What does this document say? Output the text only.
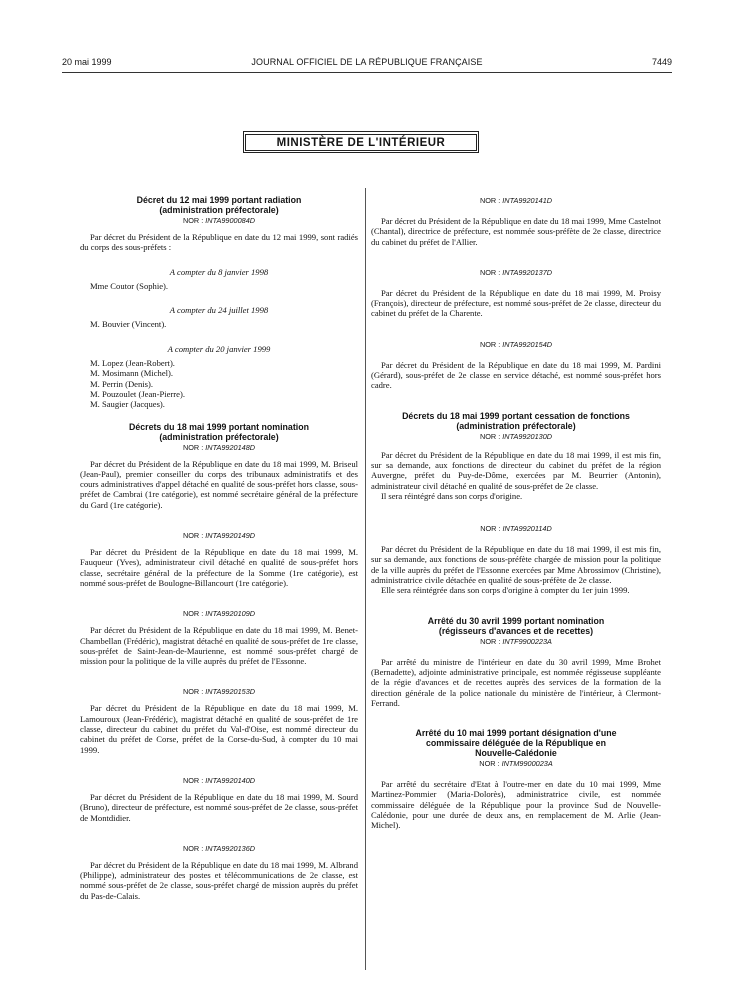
20 mai 1999	JOURNAL OFFICIEL DE LA RÉPUBLIQUE FRANÇAISE	7449
MINISTÈRE DE L'INTÉRIEUR
Décret du 12 mai 1999 portant radiation
(administration préfectorale)
NOR : INTA9900084D

Par décret du Président de la République en date du 12 mai 1999, sont radiés du corps des sous-préfets :

A compter du 8 janvier 1998

Mme Coutor (Sophie).

A compter du 24 juillet 1998

M. Bouvier (Vincent).

A compter du 20 janvier 1999

M. Lopez (Jean-Robert).

M. Mosimann (Michel).

M. Perrin (Denis).

M. Pouzoulet (Jean-Pierre).

M. Saugier (Jacques).

Décrets du 18 mai 1999 portant nomination
(administration préfectorale)
NOR : INTA9920148D

Par décret du Président de la République en date du 18 mai 1999, M. Briseul (Jean-Paul), premier conseiller du corps des tribunaux administratifs et des cours administratives d'appel détaché en qualité de sous-préfet hors classe, sous-préfet de Cambrai (1re catégorie), est nommé secrétaire général de la préfecture du Gard (1re catégorie).

NOR : INTA9920149D

Par décret du Président de la République en date du 18 mai 1999, M. Fauqueur (Yves), administrateur civil détaché en qualité de sous-préfet hors classe, secrétaire général de la préfecture de la Somme (1re catégorie), est nommé sous-préfet de Boulogne-Billancourt (1re catégorie).

NOR : INTA9920109D

Par décret du Président de la République en date du 18 mai 1999, M. Benet-Chambellan (Frédéric), magistrat détaché en qualité de sous-préfet de 1re classe, sous-préfet de Saint-Jean-de-Maurienne, est nommé sous-préfet chargé de mission pour la politique de la ville auprès du préfet de l'Essonne.

NOR : INTA9920153D

Par décret du Président de la République en date du 18 mai 1999, M. Lamouroux (Jean-Frédéric), magistrat détaché en qualité de sous-préfet de 1re classe, directeur du cabinet du préfet du Val-d'Oise, est nommé directeur du cabinet du préfet de Corse, préfet de la Corse-du-Sud, à compter du 10 mai 1999.

NOR : INTA9920140D

Par décret du Président de la République en date du 18 mai 1999, M. Sourd (Bruno), directeur de préfecture, est nommé sous-préfet de 2e classe, sous-préfet de Montdidier.

NOR : INTA9920136D

Par décret du Président de la République en date du 18 mai 1999, M. Albrand (Philippe), administrateur des postes et télécommunications de 2e classe, est nommé sous-préfet de 2e classe, sous-préfet chargé de mission auprès du préfet du Pas-de-Calais.

NOR : INTA9920141D

Par décret du Président de la République en date du 18 mai 1999, Mme Castelnot (Chantal), directrice de préfecture, est nommée sous-préfète de 2e classe, directrice du cabinet du préfet de l'Allier.

NOR : INTA9920137D

Par décret du Président de la République en date du 18 mai 1999, M. Proisy (François), directeur de préfecture, est nommé sous-préfet de 2e classe, directeur du cabinet du préfet de la Charente.

NOR : INTA9920154D

Par décret du Président de la République en date du 18 mai 1999, M. Pardini (Gérard), sous-préfet de 2e classe en service détaché, est nommé sous-préfet hors cadre.

Décrets du 18 mai 1999 portant cessation de fonctions
(administration préfectorale)
NOR : INTA9920130D

Par décret du Président de la République en date du 18 mai 1999, il est mis fin, sur sa demande, aux fonctions de directeur du cabinet du préfet de la région Auvergne, préfet du Puy-de-Dôme, exercées par M. Beurrier (Antonin), administrateur civil détaché en qualité de sous-préfet de 2e classe.

Il sera réintégré dans son corps d'origine.

NOR : INTA9920114D

Par décret du Président de la République en date du 18 mai 1999, il est mis fin, sur sa demande, aux fonctions de sous-préfète chargée de mission pour la politique de la ville auprès du préfet de l'Essonne exercées par Mme Abrossimov (Christine), administratrice civile détachée en qualité de sous-préfète de 2e classe.

Elle sera réintégrée dans son corps d'origine à compter du 1er juin 1999.

Arrêté du 30 avril 1999 portant nomination
(régisseurs d'avances et de recettes)
NOR : INTF9900223A

Par arrêté du ministre de l'intérieur en date du 30 avril 1999, Mme Brohet (Bernadette), adjointe administrative principale, est nommée régisseuse suppléante de la régie d'avances et de recettes auprès des services de la formation de la direction générale de la police nationale du ministère de l'intérieur, à Clermont-Ferrand.

Arrêté du 10 mai 1999 portant désignation d'une
commissaire déléguée de la République en
Nouvelle-Calédonie
NOR : INTM9900023A

Par arrêté du secrétaire d'Etat à l'outre-mer en date du 10 mai 1999, Mme Martinez-Pommier (Maria-Dolorès), administratrice civile, est nommée commissaire déléguée de la République pour la province Sud de Nouvelle-Calédonie, pour une durée de deux ans, en remplacement de M. Arlie (Jean-Michel).
